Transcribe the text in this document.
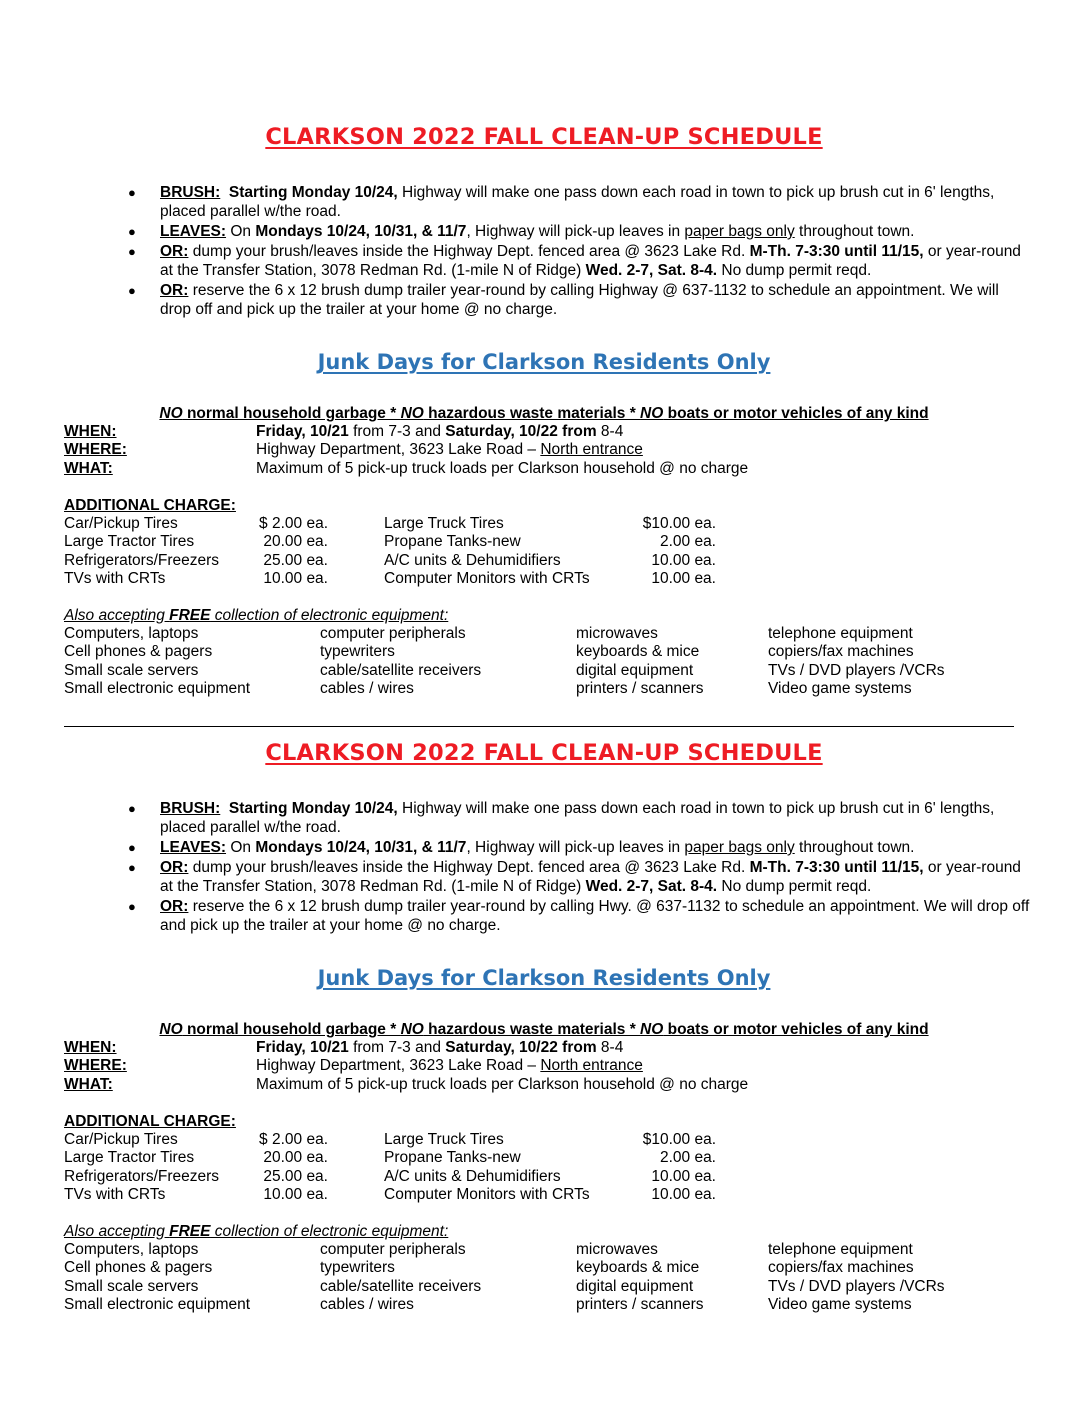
CLARKSON 2022 FALL CLEAN-UP SCHEDULE
● BRUSH: Starting Monday 10/24, Highway will make one pass down each road in town to pick up brush cut in 6' lengths, placed parallel w/the road.
● LEAVES: On Mondays 10/24, 10/31, & 11/7, Highway will pick-up leaves in paper bags only throughout town.
● OR: dump your brush/leaves inside the Highway Dept. fenced area @ 3623 Lake Rd. M-Th. 7-3:30 until 11/15, or year-round at the Transfer Station, 3078 Redman Rd. (1-mile N of Ridge) Wed. 2-7, Sat. 8-4. No dump permit reqd.
● OR: reserve the 6 x 12 brush dump trailer year-round by calling Highway @ 637-1132 to schedule an appointment. We will drop off and pick up the trailer at your home @ no charge.
Junk Days for Clarkson Residents Only
NO normal household garbage * NO hazardous waste materials * NO boats or motor vehicles of any kind
WHEN:	Friday, 10/21 from 7-3 and Saturday, 10/22 from 8-4
WHERE:	Highway Department, 3623 Lake Road – North entrance
WHAT:	Maximum of 5 pick-up truck loads per Clarkson household @ no charge
ADDITIONAL CHARGE:
Car/Pickup Tires	$ 2.00 ea.	Large Truck Tires	$10.00 ea.
Large Tractor Tires	20.00 ea.	Propane Tanks-new	2.00 ea.
Refrigerators/Freezers	25.00 ea.	A/C units & Dehumidifiers	10.00 ea.
TVs with CRTs	10.00 ea.	Computer Monitors with CRTs	10.00 ea.
Also accepting FREE collection of electronic equipment:
Computers, laptops	computer peripherals	microwaves	telephone equipment
Cell phones & pagers	typewriters	keyboards & mice	copiers/fax machines
Small scale servers	cable/satellite receivers	digital equipment	TVs / DVD players /VCRs
Small electronic equipment	cables / wires	printers / scanners	Video game systems
CLARKSON 2022 FALL CLEAN-UP SCHEDULE
● BRUSH: Starting Monday 10/24, Highway will make one pass down each road in town to pick up brush cut in 6' lengths, placed parallel w/the road.
● LEAVES: On Mondays 10/24, 10/31, & 11/7, Highway will pick-up leaves in paper bags only throughout town.
● OR: dump your brush/leaves inside the Highway Dept. fenced area @ 3623 Lake Rd. M-Th. 7-3:30 until 11/15, or year-round at the Transfer Station, 3078 Redman Rd. (1-mile N of Ridge) Wed. 2-7, Sat. 8-4. No dump permit reqd.
● OR: reserve the 6 x 12 brush dump trailer year-round by calling Hwy. @ 637-1132 to schedule an appointment. We will drop off and pick up the trailer at your home @ no charge.
Junk Days for Clarkson Residents Only
NO normal household garbage * NO hazardous waste materials * NO boats or motor vehicles of any kind
WHEN:	Friday, 10/21 from 7-3 and Saturday, 10/22 from 8-4
WHERE:	Highway Department, 3623 Lake Road – North entrance
WHAT:	Maximum of 5 pick-up truck loads per Clarkson household @ no charge
ADDITIONAL CHARGE:
Car/Pickup Tires	$ 2.00 ea.	Large Truck Tires	$10.00 ea.
Large Tractor Tires	20.00 ea.	Propane Tanks-new	2.00 ea.
Refrigerators/Freezers	25.00 ea.	A/C units & Dehumidifiers	10.00 ea.
TVs with CRTs	10.00 ea.	Computer Monitors with CRTs	10.00 ea.
Also accepting FREE collection of electronic equipment:
Computers, laptops	computer peripherals	microwaves	telephone equipment
Cell phones & pagers	typewriters	keyboards & mice	copiers/fax machines
Small scale servers	cable/satellite receivers	digital equipment	TVs / DVD players /VCRs
Small electronic equipment	cables / wires	printers / scanners	Video game systems
